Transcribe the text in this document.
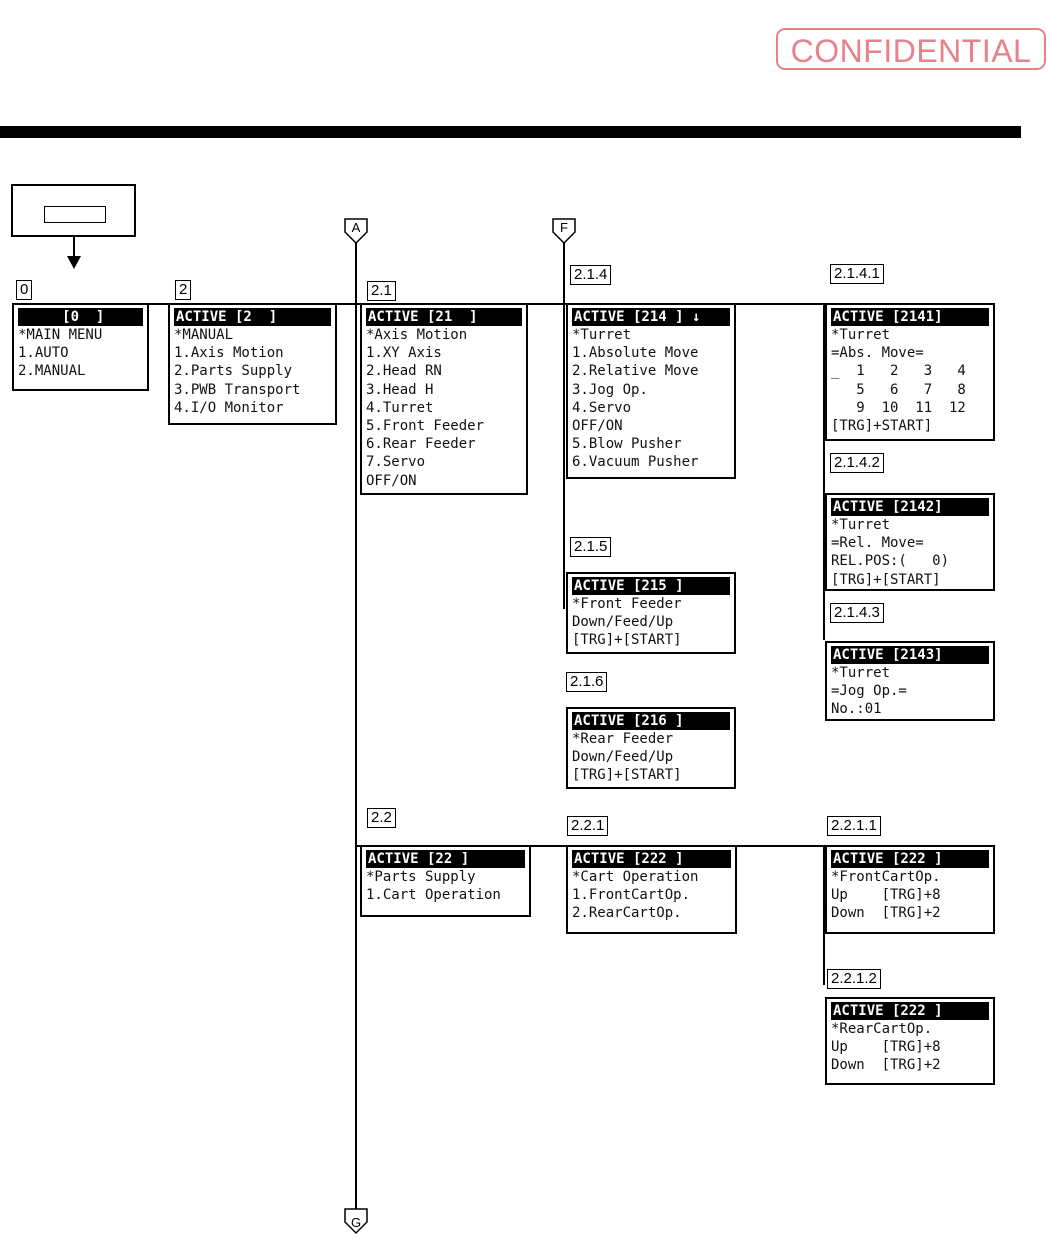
CONFIDENTIAL
A	F
G
0	2	2.1
2.1.4	2.1.4.1
2.1.4.2
2.1.4.3
2.1.5
2.1.6
2.2	2.2.1	2.2.1.1
2.2.1.2
[0  ]
*MAIN MENU
1.AUTO
2.MANUAL
ACTIVE [2  ]
*MANUAL
1.Axis Motion
2.Parts Supply
3.PWB Transport
4.I/O Monitor
ACTIVE [21  ]
*Axis Motion
1.XY Axis
2.Head RN
3.Head H
4.Turret
5.Front Feeder
6.Rear Feeder
7.Servo
OFF/ON
ACTIVE [214 ] ↓
*Turret
1.Absolute Move
2.Relative Move
3.Jog Op.
4.Servo
OFF/ON
5.Blow Pusher
6.Vacuum Pusher
ACTIVE [2141]
*Turret
=Abs. Move=
_  1   2   3   4
5   6   7   8
9  10  11  12
[TRG]+START]
ACTIVE [2142]
*Turret
=Rel. Move=
REL.POS:(   0)
[TRG]+[START]
ACTIVE [2143]
*Turret
=Jog Op.=
No.:01
ACTIVE [215 ]
*Front Feeder
Down/Feed/Up
[TRG]+[START]
ACTIVE [216 ]
*Rear Feeder
Down/Feed/Up
[TRG]+[START]
ACTIVE [22 ]
*Parts Supply
1.Cart Operation
ACTIVE [222 ]
*Cart Operation
1.FrontCartOp.
2.RearCartOp.
ACTIVE [222 ]
*FrontCartOp.
Up    [TRG]+8
Down  [TRG]+2
ACTIVE [222 ]
*RearCartOp.
Up    [TRG]+8
Down  [TRG]+2
